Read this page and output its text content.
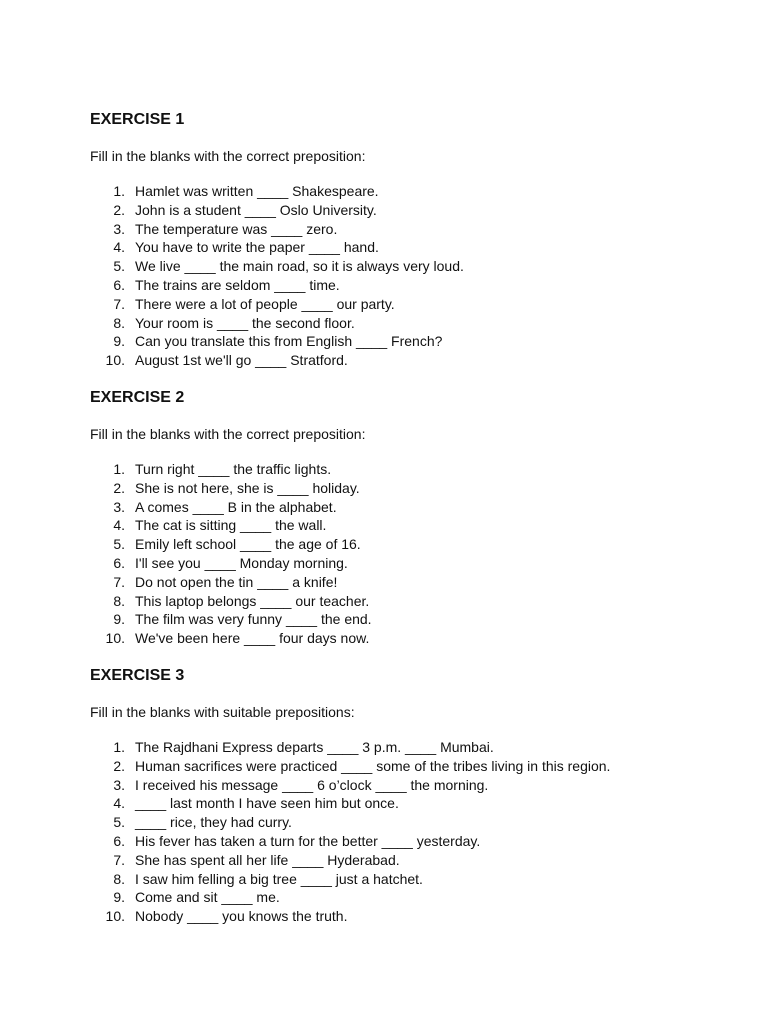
EXERCISE 1
Fill in the blanks with the correct preposition:
1. Hamlet was written ____ Shakespeare.
2. John is a student ____ Oslo University.
3. The temperature was ____ zero.
4. You have to write the paper ____ hand.
5. We live ____ the main road, so it is always very loud.
6. The trains are seldom ____ time.
7. There were a lot of people ____ our party.
8. Your room is ____ the second floor.
9. Can you translate this from English ____ French?
10. August 1st we'll go ____ Stratford.
EXERCISE 2
Fill in the blanks with the correct preposition:
1. Turn right ____ the traffic lights.
2. She is not here, she is ____ holiday.
3. A comes ____ B in the alphabet.
4. The cat is sitting ____ the wall.
5. Emily left school ____ the age of 16.
6. I'll see you ____ Monday morning.
7. Do not open the tin ____ a knife!
8. This laptop belongs ____ our teacher.
9. The film was very funny ____ the end.
10. We've been here ____ four days now.
EXERCISE 3
Fill in the blanks with suitable prepositions:
1. The Rajdhani Express departs ____ 3 p.m. ____ Mumbai.
2. Human sacrifices were practiced ____ some of the tribes living in this region.
3. I received his message ____ 6 o’clock ____ the morning.
4. ____ last month I have seen him but once.
5. ____ rice, they had curry.
6. His fever has taken a turn for the better ____ yesterday.
7. She has spent all her life ____ Hyderabad.
8. I saw him felling a big tree ____ just a hatchet.
9. Come and sit ____ me.
10. Nobody ____ you knows the truth.
